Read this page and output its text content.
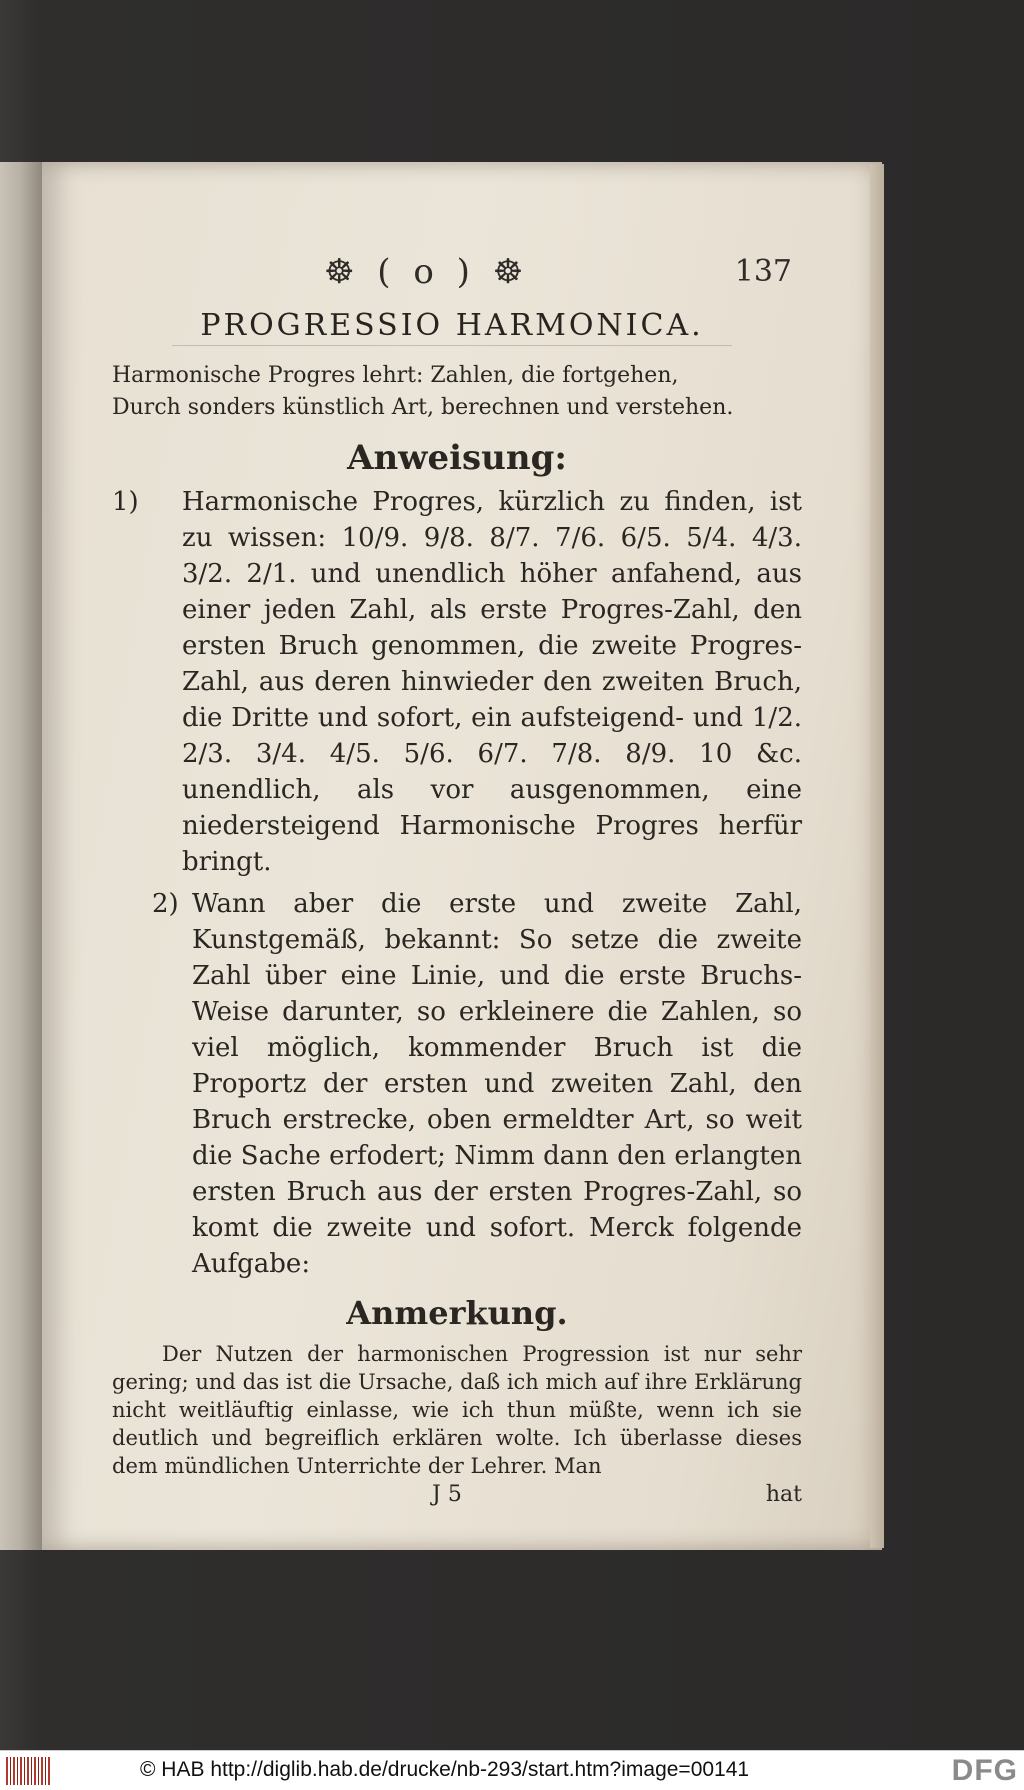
☸ ( o ) ☸	137
PROGRESSIO HARMONICA.
Harmonische Progres lehrt: Zahlen, die fortgehen,
Durch sonders künstlich Art, berechnen und verstehen.
Anweisung:
1) Harmonische Progres, kürzlich zu finden, ist zu wissen: 10/9. 9/8. 8/7. 7/6. 6/5. 5/4. 4/3. 3/2. 2/1. und unendlich höher anfahend, aus einer jeden Zahl, als erste Progres-Zahl, den ersten Bruch genommen, die zweite Progres-Zahl, aus deren hinwieder den zweiten Bruch, die Dritte und sofort, ein aufsteigend- und 1/2. 2/3. 3/4. 4/5. 5/6. 6/7. 7/8. 8/9. 10 &c. unendlich, als vor ausgenommen, eine niedersteigend Harmonische Progres herfür bringt.
2) Wann aber die erste und zweite Zahl, Kunstgemäß, bekannt: So setze die zweite Zahl über eine Linie, und die erste Bruchs-Weise darunter, so erkleinere die Zahlen, so viel möglich, kommender Bruch ist die Proportz der ersten und zweiten Zahl, den Bruch erstrecke, oben ermeldter Art, so weit die Sache erfodert; Nimm dann den erlangten ersten Bruch aus der ersten Progres-Zahl, so komt die zweite und sofort. Merck folgende Aufgabe:
Anmerkung.
Der Nutzen der harmonischen Progression ist nur sehr gering; und das ist die Ursache, daß ich mich auf ihre Erklärung nicht weitläuftig einlasse, wie ich thun müßte, wenn ich sie deutlich und begreiflich erklären wolte. Ich überlasse dieses dem mündlichen Unterrichte der Lehrer. Man
J 5	hat
© HAB http://diglib.hab.de/drucke/nb-293/start.htm?image=00141	DFG
